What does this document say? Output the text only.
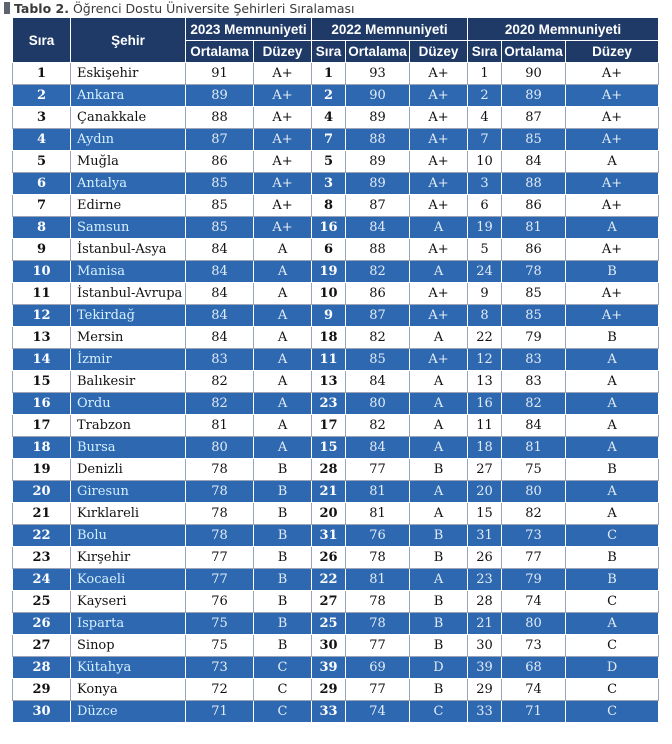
Tablo 2. Öğrenci Dostu Üniversite Şehirleri Sıralaması
Sıra	Şehir	2023 Memnuniyeti		2022 Memnuniyeti			2020 Memnuniyeti		
		Ortalama	Düzey	Sıra	Ortalama	Düzey	Sıra	Ortalama	Düzey
1	Eskişehir	91	A+	1	93	A+	1	90	A+
2	Ankara	89	A+	2	90	A+	2	89	A+
3	Çanakkale	88	A+	4	89	A+	4	87	A+
4	Aydın	87	A+	7	88	A+	7	85	A+
5	Muğla	86	A+	5	89	A+	10	84	A
6	Antalya	85	A+	3	89	A+	3	88	A+
7	Edirne	85	A+	8	87	A+	6	86	A+
8	Samsun	85	A+	16	84	A	19	81	A
9	İstanbul-Asya	84	A	6	88	A+	5	86	A+
10	Manisa	84	A	19	82	A	24	78	B
11	İstanbul-Avrupa	84	A	10	86	A+	9	85	A+
12	Tekirdağ	84	A	9	87	A+	8	85	A+
13	Mersin	84	A	18	82	A	22	79	B
14	İzmir	83	A	11	85	A+	12	83	A
15	Balıkesir	82	A	13	84	A	13	83	A
16	Ordu	82	A	23	80	A	16	82	A
17	Trabzon	81	A	17	82	A	11	84	A
18	Bursa	80	A	15	84	A	18	81	A
19	Denizli	78	B	28	77	B	27	75	B
20	Giresun	78	B	21	81	A	20	80	A
21	Kırklareli	78	B	20	81	A	15	82	A
22	Bolu	78	B	31	76	B	31	73	C
23	Kırşehir	77	B	26	78	B	26	77	B
24	Kocaeli	77	B	22	81	A	23	79	B
25	Kayseri	76	B	27	78	B	28	74	C
26	Isparta	75	B	25	78	B	21	80	A
27	Sinop	75	B	30	77	B	30	73	C
28	Kütahya	73	C	39	69	D	39	68	D
29	Konya	72	C	29	77	B	29	74	C
30	Düzce	71	C	33	74	C	33	71	C
